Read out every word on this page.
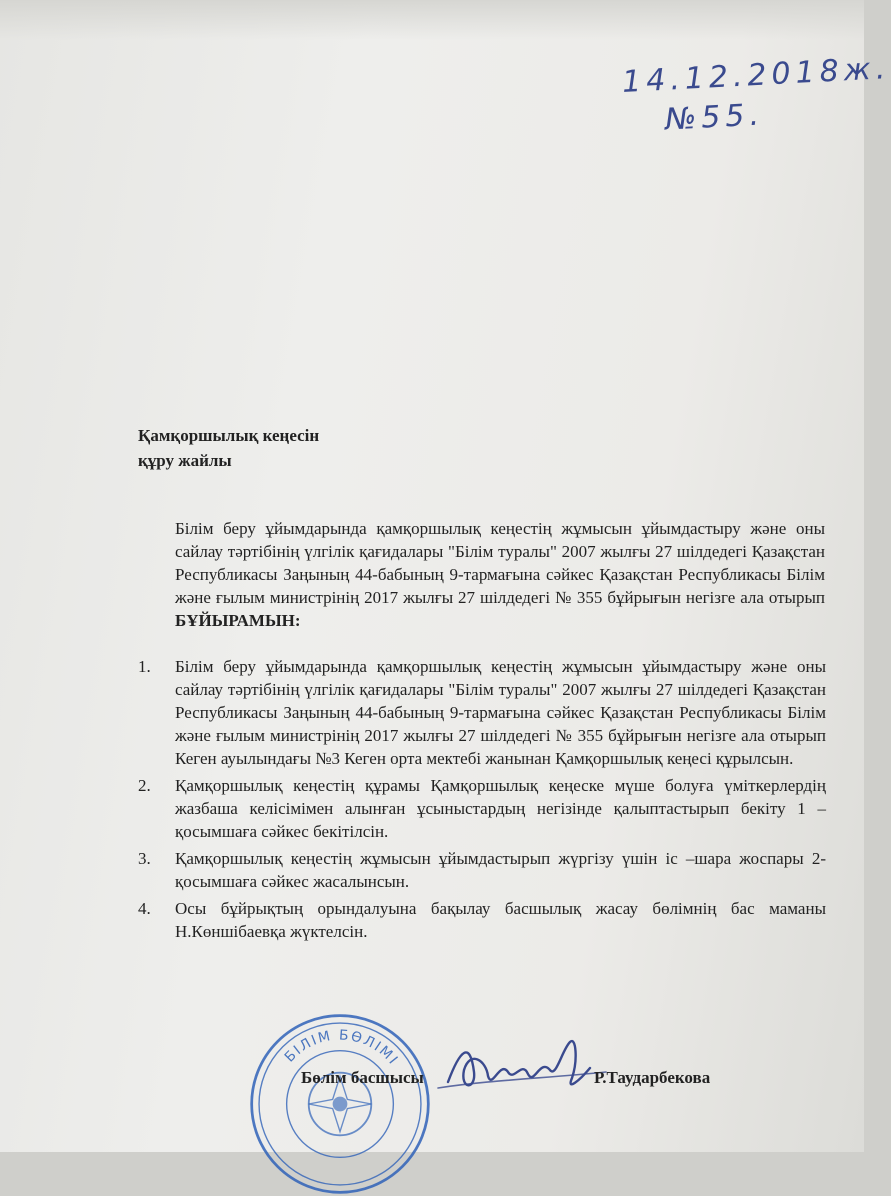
14.12.2018ж.
№55.
Қамқоршылық кеңесін
құру жайлы
Білім беру ұйымдарында қамқоршылық кеңестің жұмысын ұйымдастыру және оны сайлау тәртібінің үлгілік қағидалары "Білім туралы" 2007 жылғы 27 шілдедегі Қазақстан Республикасы Заңының 44-бабының 9-тармағына сәйкес Қазақстан Республикасы Білім және ғылым министрінің 2017 жылғы 27 шілдедегі № 355 бұйрығын негізге ала отырып БҰЙЫРАМЫН:
1. Білім беру ұйымдарында қамқоршылық кеңестің жұмысын ұйымдастыру және оны сайлау тәртібінің үлгілік қағидалары "Білім туралы" 2007 жылғы 27 шілдедегі Қазақстан Республикасы Заңының 44-бабының 9-тармағына сәйкес Қазақстан Республикасы Білім және ғылым министрінің 2017 жылғы 27 шілдедегі № 355 бұйрығын негізге ала отырып Кеген ауылындағы №3 Кеген орта мектебі жанынан Қамқоршылық кеңесі құрылсын.
2. Қамқоршылық кеңестің құрамы Қамқоршылық кеңеске мүше болуға үміткерлердің жазбаша келісімімен алынған ұсыныстардың негізінде қалыптастырып бекіту 1 –қосымшаға сәйкес бекітілсін.
3. Қамқоршылық кеңестің жұмысын ұйымдастырып жүргізу үшін іс –шара жоспары 2-қосымшаға сәйкес жасалынсын.
4. Осы бұйрықтың орындалуына бақылау басшылық жасау бөлімнің бас маманы Н.Көншібаевқа жүктелсін.
БІЛІМ БӨЛІМІ
Бөлім басшысы	Р.Таударбекова
